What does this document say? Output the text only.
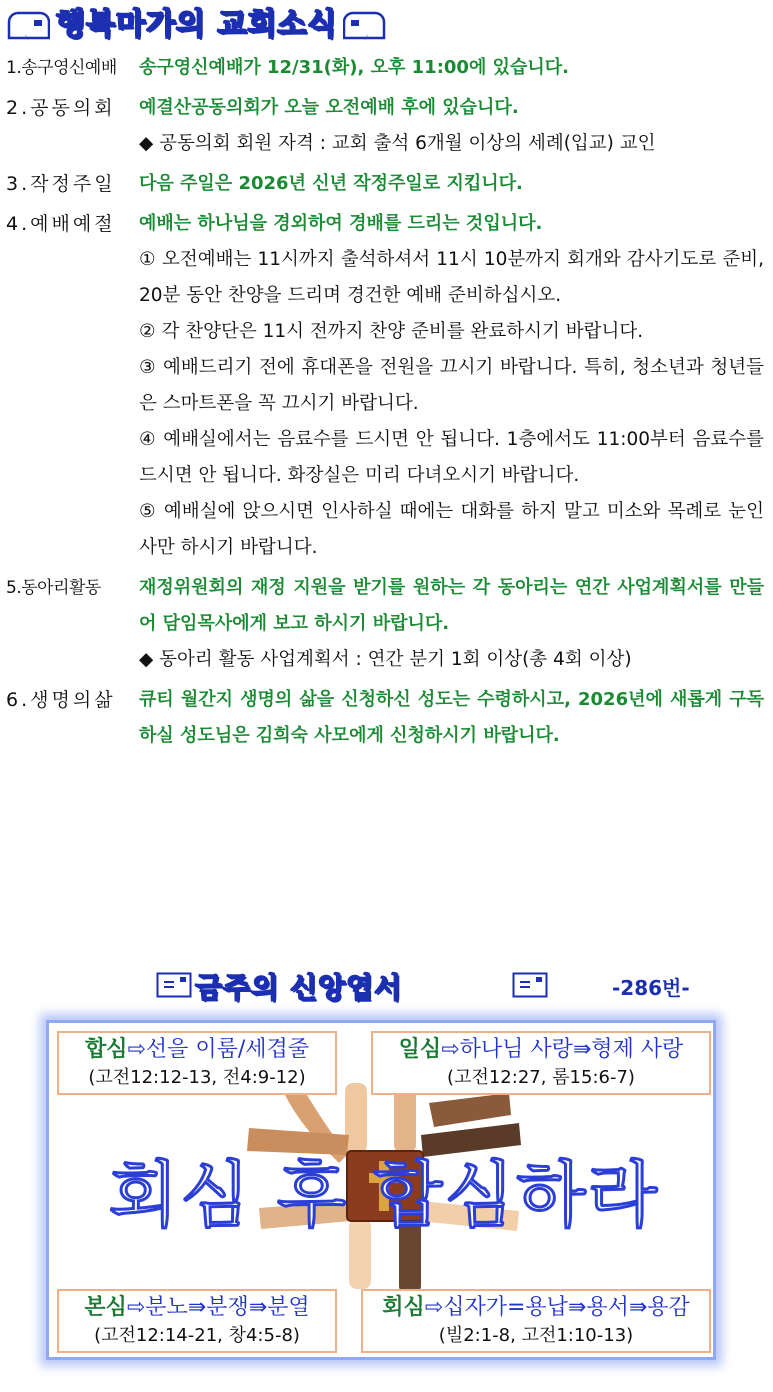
행복마가의 교회소식
1.송구영신예배	송구영신예배가 12/31(화), 오후 11:00에 있습니다.
2.공동의회	예결산공동의회가 오늘 오전예배 후에 있습니다.
◆ 공동의회 회원 자격 : 교회 출석 6개월 이상의 세례(입교) 교인
3.작정주일	다음 주일은 2026년 신년 작정주일로 지킵니다.
4.예배예절	예배는 하나님을 경외하여 경배를 드리는 것입니다.
① 오전예배는 11시까지 출석하셔서 11시 10분까지 회개와 감사기도로 준비, 20분 동안 찬양을 드리며 경건한 예배 준비하십시오.
② 각 찬양단은 11시 전까지 찬양 준비를 완료하시기 바랍니다.
③ 예배드리기 전에 휴대폰을 전원을 끄시기 바랍니다. 특히, 청소년과 청년들은 스마트폰을 꼭 끄시기 바랍니다.
④ 예배실에서는 음료수를 드시면 안 됩니다. 1층에서도 11:00부터 음료수를 드시면 안 됩니다. 화장실은 미리 다녀오시기 바랍니다.
⑤ 예배실에 앉으시면 인사하실 때에는 대화를 하지 말고 미소와 목례로 눈인사만 하시기 바랍니다.
5.동아리활동	재정위원회의 재정 지원을 받기를 원하는 각 동아리는 연간 사업계획서를 만들어 담임목사에게 보고 하시기 바랍니다.
◆ 동아리 활동 사업계획서 : 연간 분기 1회 이상(총 4회 이상)
6.생명의삶	큐티 월간지 생명의 삶을 신청하신 성도는 수령하시고, 2026년에 새롭게 구독하실 성도님은 김희숙 사모에게 신청하시기 바랍니다.
금주의 신앙엽서	-286번-
회심 후 합심하라
합심⇨선을 이룸/세겹줄
(고전12:12-13, 전4:9-12)
일심⇨하나님 사랑⇛형제 사랑
(고전12:27, 롬15:6-7)
본심⇨분노⇛분쟁⇛분열
(고전12:14-21, 창4:5-8)
회심⇨십자가=용납⇛용서⇛용감
(빌2:1-8, 고전1:10-13)
